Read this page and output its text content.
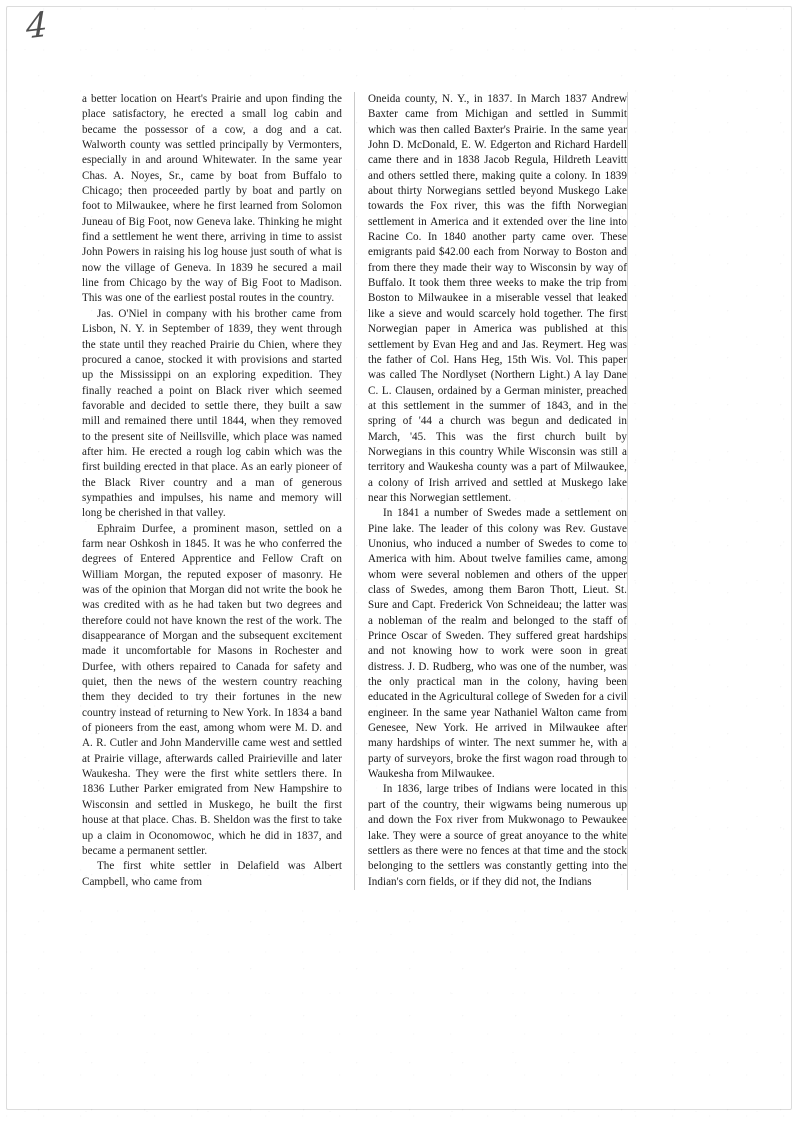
4

a better location on Heart's Prairie and upon finding the place satisfactory, he erected a small log cabin and became the possessor of a cow, a dog and a cat. Walworth county was settled principally by Vermonters, especially in and around Whitewater. In the same year Chas. A. Noyes, Sr., came by boat from Buffalo to Chicago; then proceeded partly by boat and partly on foot to Milwaukee, where he first learned from Solomon Juneau of Big Foot, now Geneva lake. Thinking he might find a settlement he went there, arriving in time to assist John Powers in raising his log house just south of what is now the village of Geneva. In 1839 he secured a mail line from Chicago by the way of Big Foot to Madison. This was one of the earliest postal routes in the country.

Jas. O'Niel in company with his brother came from Lisbon, N. Y. in September of 1839, they went through the state until they reached Prairie du Chien, where they procured a canoe, stocked it with provisions and started up the Mississippi on an exploring expedition. They finally reached a point on Black river which seemed favorable and decided to settle there, they built a saw mill and remained there until 1844, when they removed to the present site of Neillsville, which place was named after him. He erected a rough log cabin which was the first building erected in that place. As an early pioneer of the Black River country and a man of generous sympathies and impulses, his name and memory will long be cherished in that valley.

Ephraim Durfee, a prominent mason, settled on a farm near Oshkosh in 1845. It was he who conferred the degrees of Entered Apprentice and Fellow Craft on William Morgan, the reputed exposer of masonry. He was of the opinion that Morgan did not write the book he was credited with as he had taken but two degrees and therefore could not have known the rest of the work. The disappearance of Morgan and the subsequent excitement made it uncomfortable for Masons in Rochester and Durfee, with others repaired to Canada for safety and quiet, then the news of the western country reaching them they decided to try their fortunes in the new country instead of returning to New York. In 1834 a band of pioneers from the east, among whom were M. D. and A. R. Cutler and John Manderville came west and settled at Prairie village, afterwards called Prairieville and later Waukesha. They were the first white settlers there. In 1836 Luther Parker emigrated from New Hampshire to Wisconsin and settled in Muskego, he built the first house at that place. Chas. B. Sheldon was the first to take up a claim in Oconomowoc, which he did in 1837, and became a permanent settler.

The first white settler in Delafield was Albert Campbell, who came from

Oneida county, N. Y., in 1837. In March 1837 Andrew Baxter came from Michigan and settled in Summit which was then called Baxter's Prairie. In the same year John D. McDonald, E. W. Edgerton and Richard Hardell came there and in 1838 Jacob Regula, Hildreth Leavitt and others settled there, making quite a colony. In 1839 about thirty Norwegians settled beyond Muskego Lake towards the Fox river, this was the fifth Norwegian settlement in America and it extended over the line into Racine Co. In 1840 another party came over. These emigrants paid $42.00 each from Norway to Boston and from there they made their way to Wisconsin by way of Buffalo. It took them three weeks to make the trip from Boston to Milwaukee in a miserable vessel that leaked like a sieve and would scarcely hold together. The first Norwegian paper in America was published at this settlement by Evan Heg and and Jas. Reymert. Heg was the father of Col. Hans Heg, 15th Wis. Vol. This paper was called The Nordlyset (Northern Light.) A lay Dane C. L. Clausen, ordained by a German minister, preached at this settlement in the summer of 1843, and in the spring of '44 a church was begun and dedicated in March, '45. This was the first church built by Norwegians in this country While Wisconsin was still a territory and Waukesha county was a part of Milwaukee, a colony of Irish arrived and settled at Muskego lake near this Norwegian settlement.

In 1841 a number of Swedes made a settlement on Pine lake. The leader of this colony was Rev. Gustave Unonius, who induced a number of Swedes to come to America with him. About twelve families came, among whom were several noblemen and others of the upper class of Swedes, among them Baron Thott, Lieut. St. Sure and Capt. Frederick Von Schneideau; the latter was a nobleman of the realm and belonged to the staff of Prince Oscar of Sweden. They suffered great hardships and not knowing how to work were soon in great distress. J. D. Rudberg, who was one of the number, was the only practical man in the colony, having been educated in the Agricultural college of Sweden for a civil engineer. In the same year Nathaniel Walton came from Genesee, New York. He arrived in Milwaukee after many hardships of winter. The next summer he, with a party of surveyors, broke the first wagon road through to Waukesha from Milwaukee.

In 1836, large tribes of Indians were located in this part of the country, their wigwams being numerous up and down the Fox river from Mukwonago to Pewaukee lake. They were a source of great anoyance to the white settlers as there were no fences at that time and the stock belonging to the settlers was constantly getting into the Indian's corn fields, or if they did not, the Indians
